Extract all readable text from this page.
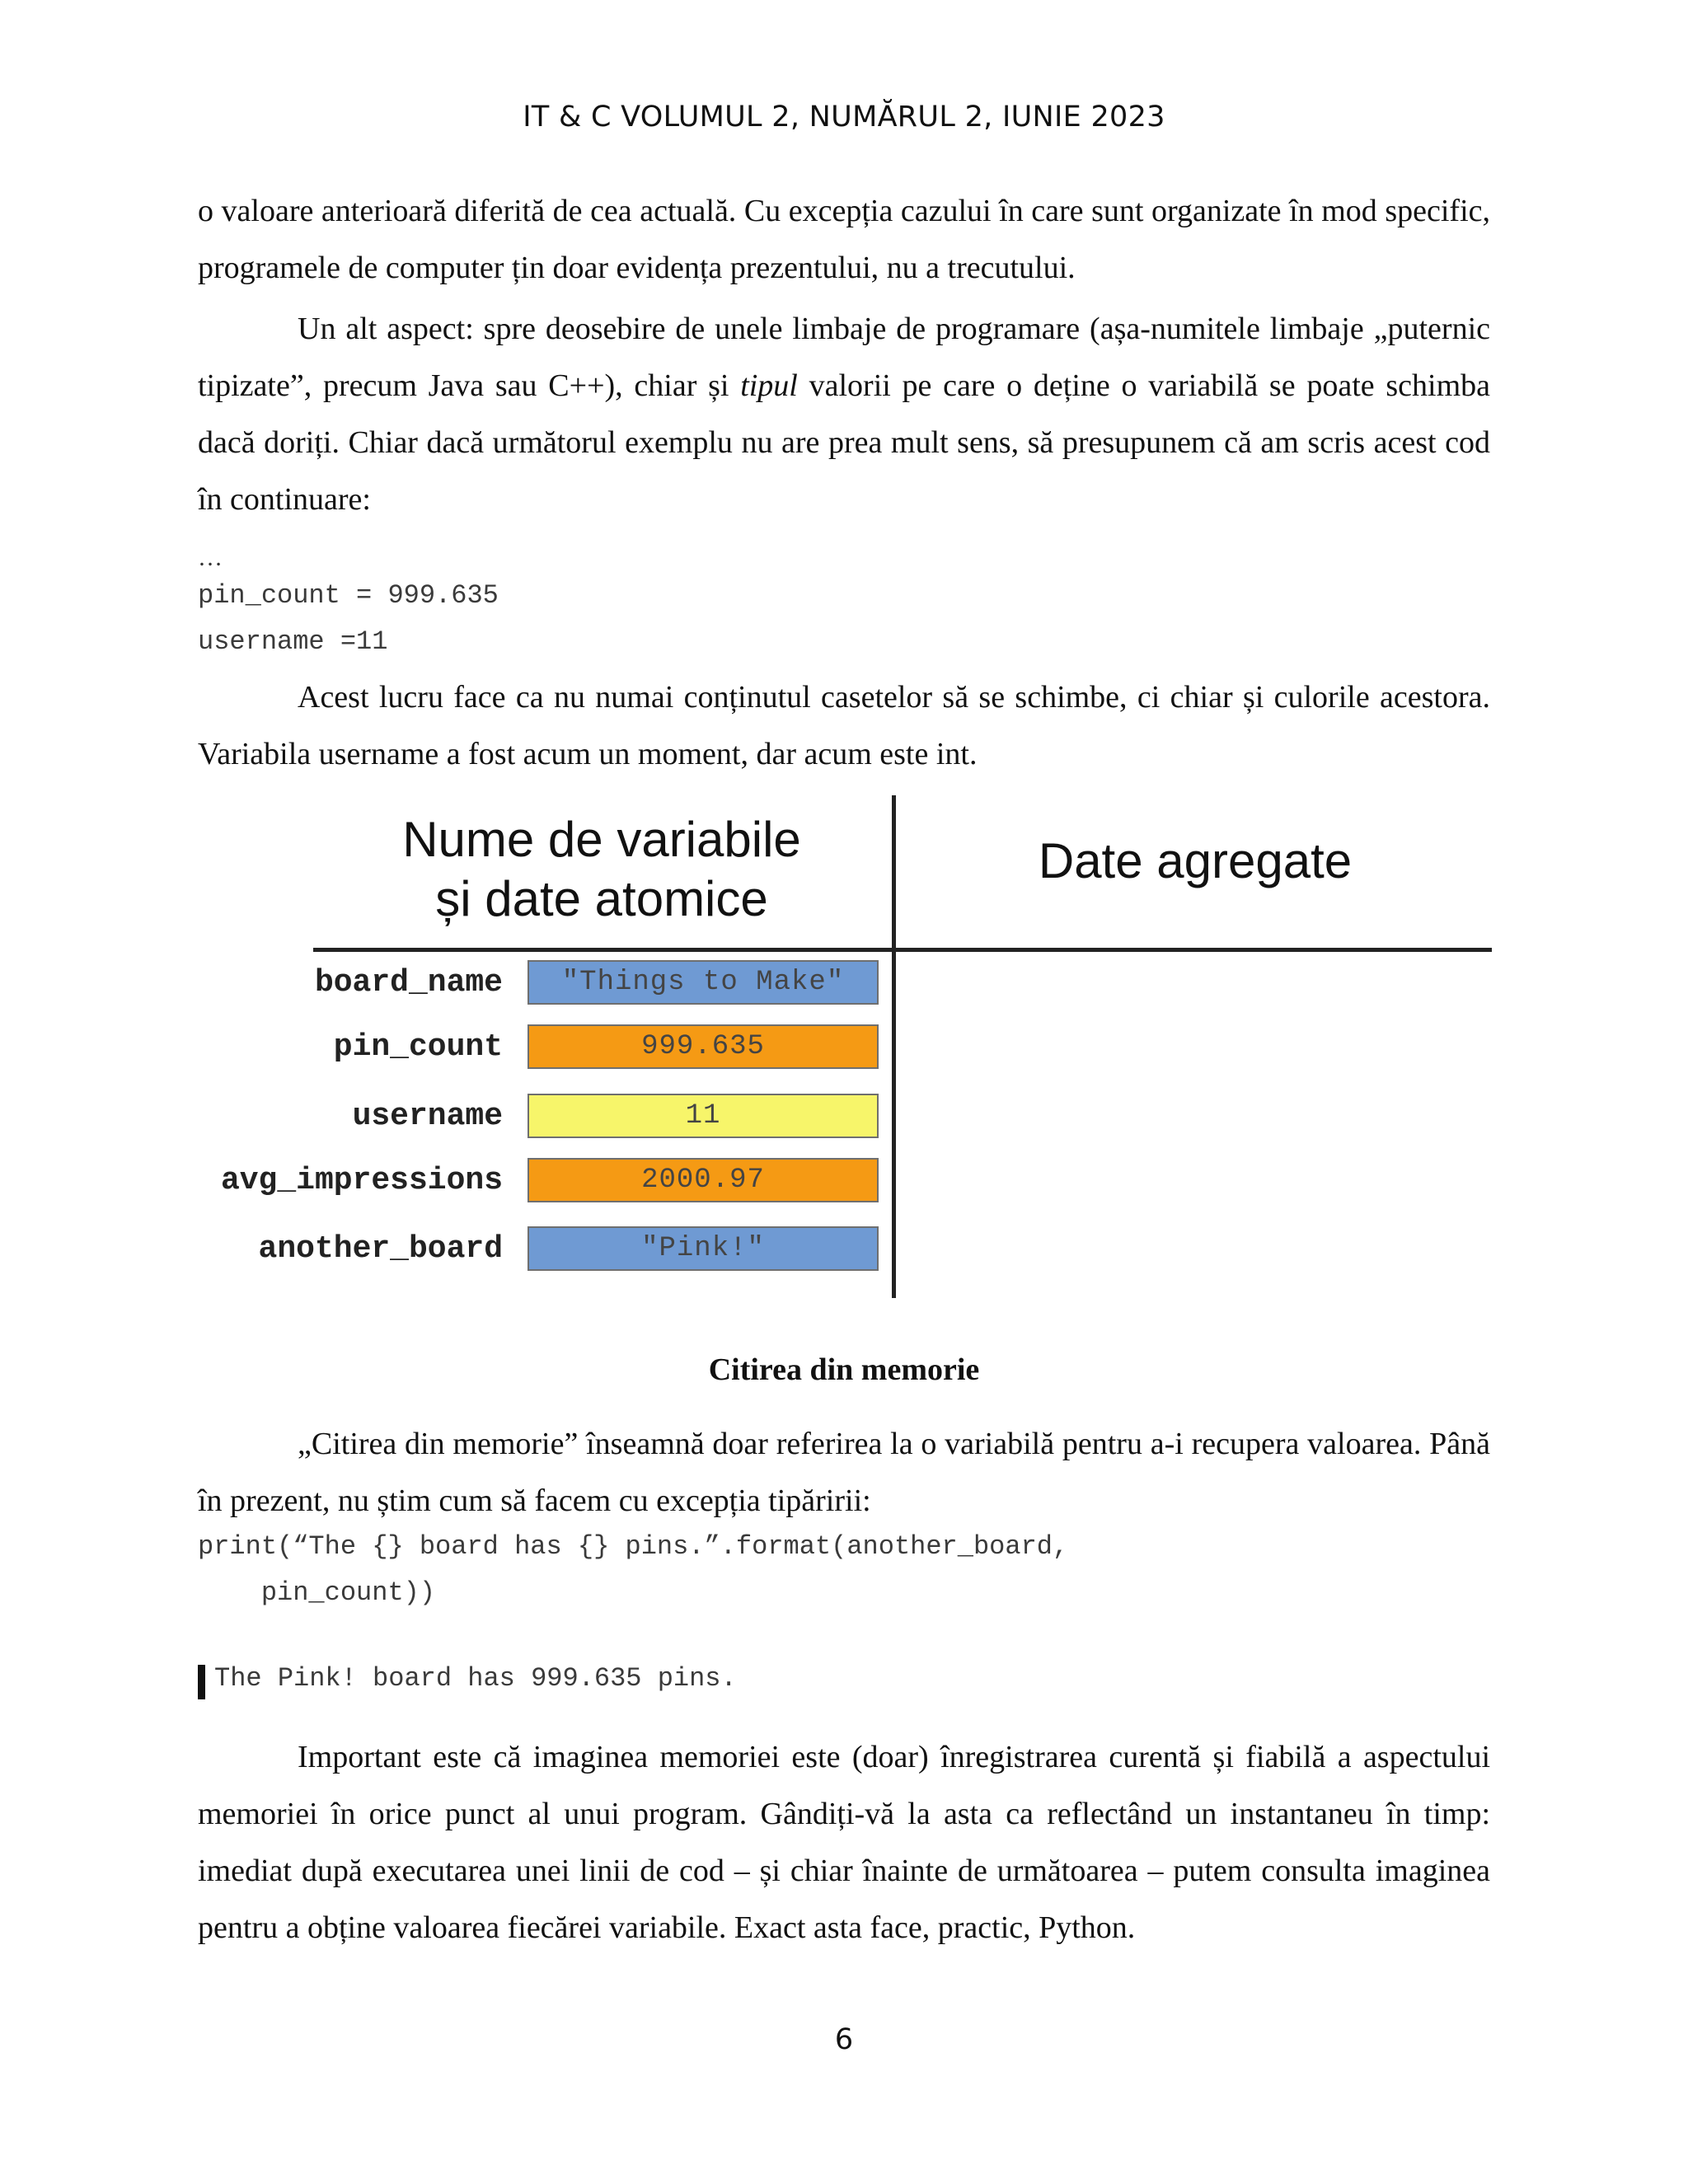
IT & C VOLUMUL 2, NUMĂRUL 2, IUNIE 2023

o valoare anterioară diferită de cea actuală. Cu excepția cazului în care sunt organizate în mod specific, programele de computer țin doar evidența prezentului, nu a trecutului.

Un alt aspect: spre deosebire de unele limbaje de programare (așa-numitele limbaje „puternic tipizate”, precum Java sau C++), chiar și tipul valorii pe care o deține o variabilă se poate schimba dacă doriți. Chiar dacă următorul exemplu nu are prea mult sens, să presupunem că am scris acest cod în continuare:

…
pin_count = 999.635
username =11

Acest lucru face ca nu numai conținutul casetelor să se schimbe, ci chiar și culorile acestora. Variabila username a fost acum un moment, dar acum este int.

Nume de variabile
și date atomice
Date agregate
board_name	"Things to Make"
pin_count	999.635
username	11
avg_impressions	2000.97
another_board	"Pink!"
Citirea din memorie

„Citirea din memorie” înseamnă doar referirea la o variabilă pentru a-i recupera valoarea. Până în prezent, nu știm cum să facem cu excepția tipăririi:

print(“The {} board has {} pins.”.format(another_board,
pin_count))
The Pink! board has 999.635 pins.

Important este că imaginea memoriei este (doar) înregistrarea curentă și fiabilă a aspectului memoriei în orice punct al unui program. Gândiți-vă la asta ca reflectând un instantaneu în timp: imediat după executarea unei linii de cod – și chiar înainte de următoarea – putem consulta imaginea pentru a obține valoarea fiecărei variabile. Exact asta face, practic, Python.

6
